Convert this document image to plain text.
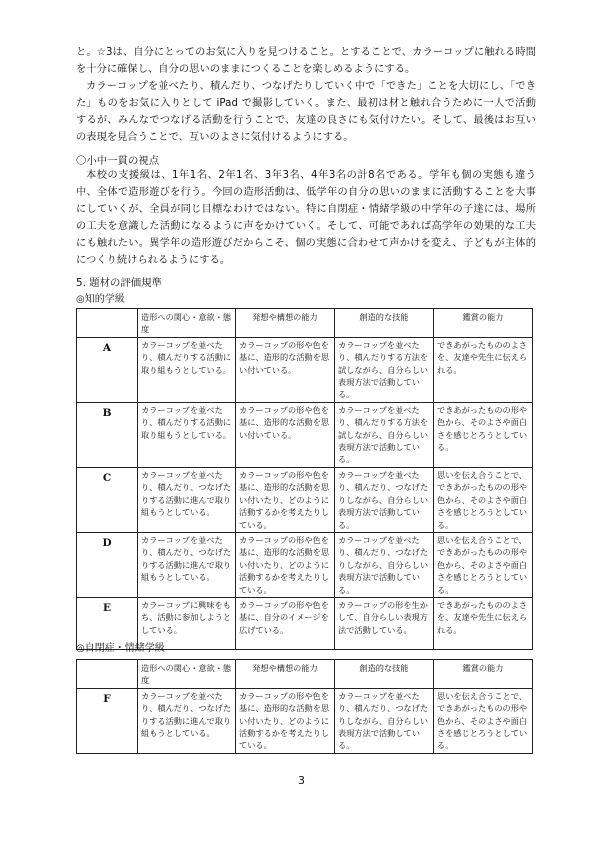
と。☆3は、自分にとってのお気に入りを見つけること。とすることで、カラーコップに触れる時間を十分に確保し、自分の思いのままにつくることを楽しめるようにする。

カラーコップを並べたり、積んだり、つなげたりしていく中で「できた」ことを大切にし、「できた」ものをお気に入りとして iPad で撮影していく。また、最初は材と触れ合うために一人で活動するが、みんなでつなげる活動を行うことで、友達の良さにも気付けたい。そして、最後はお互いの表現を見合うことで、互いのよさに気付けるようにする。

〇小中一貫の視点

本校の支援級は、1年1名、2年1名、3年3名、4年3名の計8名である。学年も個の実態も違う中、全体で造形遊びを行う。今回の造形活動は、低学年の自分の思いのままに活動することを大事にしていくが、全員が同じ目標なわけではない。特に自閉症・情緒学級の中学年の子達には、場所の工夫を意識した活動になるように声をかけていく。そして、可能であれば高学年の効果的な工夫にも触れたい。異学年の造形遊びだからこそ、個の実態に合わせて声かけを変え、子どもが主体的につくり続けられるようにする。

5. 題材の評価規準
◎知的学級
	造形への関心・意欲・態度	発想や構想の能力	創造的な技能	鑑賞の能力
A	カラーコップを並べたり、積んだりする活動に取り組もうとしている。	カラーコップの形や色を基に、造形的な活動を思い付いている。	カラーコップを並べたり、積んだりする方法を試しながら、自分らしい表現方法で活動している。	できあがったもののよさを、友達や先生に伝えられる。
B	カラーコップを並べたり、積んだりする活動に取り組もうとしている。	カラーコップの形や色を基に、造形的な活動を思い付いている。	カラーコップを並べたり、積んだりする方法を試しながら、自分らしい表現方法で活動している。	できあがったものの形や色から、そのよさや面白さを感じとろうとしている。
C	カラーコップを並べたり、積んだり、つなげたりする活動に進んで取り組もうとしている。	カラーコップの形や色を基に、造形的な活動を思い付いたり、どのように活動するかを考えたりしている。	カラーコップを並べたり、積んだり、つなげたりしながら、自分らしい表現方法で活動している。	思いを伝え合うことで、できあがったものの形や色から、そのよさや面白さを感じとろうとしている。
D	カラーコップを並べたり、積んだり、つなげたりする活動に進んで取り組もうとしている。	カラーコップの形や色を基に、造形的な活動を思い付いたり、どのように活動するかを考えたりしている。	カラーコップを並べたり、積んだり、つなげたりしながら、自分らしい表現方法で活動している。	思いを伝え合うことで、できあがったものの形や色から、そのよさや面白さを感じとろうとしている。
E	カラーコップに興味をもち、活動に参加しようとしている。	カラーコップの形や色を基に、自分のイメージを広げている。	カラーコップの形を生かして、自分らしい表現方法で活動している。	できあがったもののよさを、友達や先生に伝えられる。
◎自閉症・情緒学級
	造形への関心・意欲・態度	発想や構想の能力	創造的な技能	鑑賞の能力
F	カラーコップを並べたり、積んだり、つなげたりする活動に進んで取り組もうとしている。	カラーコップの形や色を基に、造形的な活動を思い付いたり、どのように活動するかを考えたりしている。	カラーコップを並べたり、積んだり、つなげたりしながら、自分らしい表現方法で活動している。	思いを伝え合うことで、できあがったものの形や色から、そのよさや面白さを感じとろうとしている。
3
